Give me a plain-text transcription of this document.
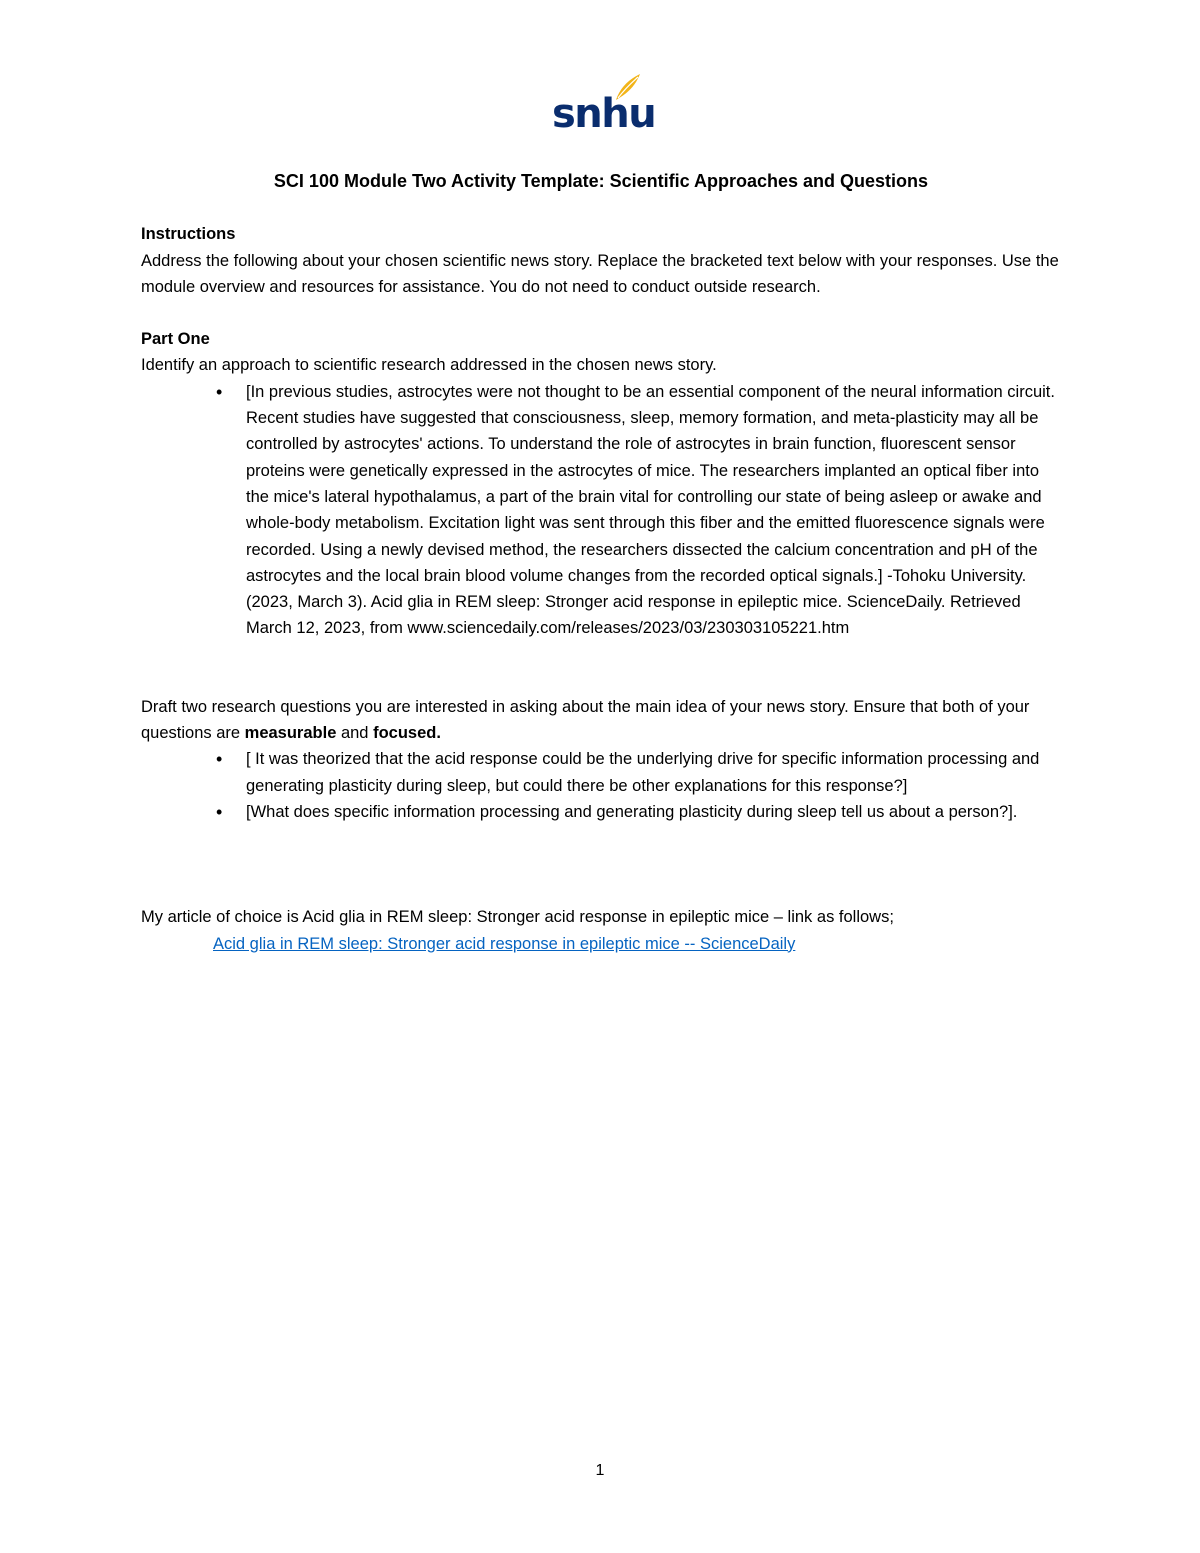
snhu

SCI 100 Module Two Activity Template: Scientific Approaches and Questions

Instructions

Address the following about your chosen scientific news story. Replace the bracketed text below with your responses. Use the module overview and resources for assistance. You do not need to conduct outside research.

Part One

Identify an approach to scientific research addressed in the chosen news story.

• [In previous studies, astrocytes were not thought to be an essential component of the neural information circuit. Recent studies have suggested that consciousness, sleep, memory formation, and meta-plasticity may all be controlled by astrocytes' actions. To understand the role of astrocytes in brain function, fluorescent sensor proteins were genetically expressed in the astrocytes of mice. The researchers implanted an optical fiber into the mice's lateral hypothalamus, a part of the brain vital for controlling our state of being asleep or awake and whole-body metabolism. Excitation light was sent through this fiber and the emitted fluorescence signals were recorded. Using a newly devised method, the researchers dissected the calcium concentration and pH of the astrocytes and the local brain blood volume changes from the recorded optical signals.] -Tohoku University. (2023, March 3). Acid glia in REM sleep: Stronger acid response in epileptic mice. ScienceDaily. Retrieved March 12, 2023, from www.sciencedaily.com/releases/2023/03/230303105221.htm

Draft two research questions you are interested in asking about the main idea of your news story. Ensure that both of your questions are measurable and focused.

• [ It was theorized that the acid response could be the underlying drive for specific information processing and generating plasticity during sleep, but could there be other explanations for this response?]
• [What does specific information processing and generating plasticity during sleep tell us about a person?].

My article of choice is Acid glia in REM sleep: Stronger acid response in epileptic mice – link as follows;

Acid glia in REM sleep: Stronger acid response in epileptic mice -- ScienceDaily

1
